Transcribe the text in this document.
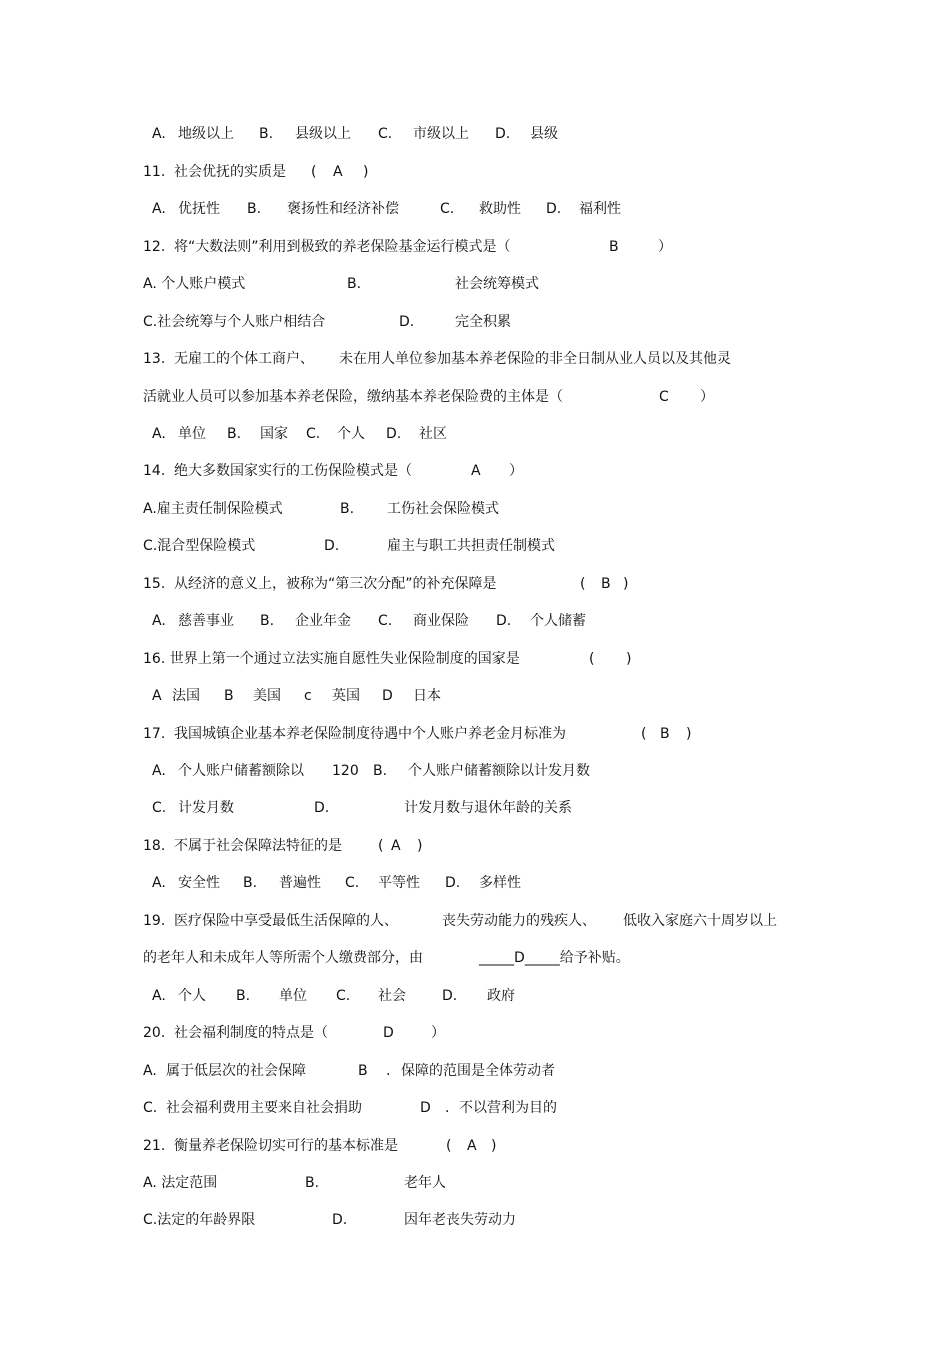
A. 地级以上 B. 县级以上 C. 市级以上 D. 县级
11. 社会优抚的实质是 ( A )
A. 优抚性 B. 褒扬性和经济补偿	C. 救助性 D. 福利性
12. 将“大数法则”利用到极致的养老保险基金运行模式是（	B	）
A. 个人账户模式	B.	社会统筹模式
C.社会统筹与个人账户相结合	D.	完全积累
13. 无雇工的个体工商户、 未在用人单位参加基本养老保险的非全日制从业人员以及其他灵
活就业人员可以参加基本养老保险，缴纳基本养老保险费的主体是（	C ）
A. 单位 B. 国家 C. 个人 D. 社区
14. 绝大多数国家实行的工伤保险模式是（	A ）
A.雇主责任制保险模式	B. 工伤社会保险模式
C.混合型保险模式	D.	雇主与职工共担责任制模式
15. 从经济的意义上，被称为“第三次分配”的补充保障是	( B )
A. 慈善事业 B. 企业年金 C. 商业保险 D. 个人储蓄
16. 世界上第一个通过立法实施自愿性失业保险制度的国家是	( )
A 法国 B 美国 c 英国 D 日本
17. 我国城镇企业基本养老保险制度待遇中个人账户养老金月标准为	( B )
A. 个人账户储蓄额除以 120 B. 个人账户储蓄额除以计发月数
C. 计发月数	D.	计发月数与退休年龄的关系
18. 不属于社会保障法特征的是	( A )
A. 安全性 B. 普遍性 C. 平等性 D. 多样性
19. 医疗保险中享受最低生活保障的人、	丧失劳动能力的残疾人、 低收入家庭六十周岁以上
的老年人和未成年人等所需个人缴费部分，由	_____D_____给予补贴。
A. 个人 B. 单位 C. 社会	D. 政府
20. 社会福利制度的特点是（	D	）
A. 属于低层次的社会保障	B . 保障的范围是全体劳动者
C. 社会福利费用主要来自社会捐助	D . 不以营利为目的
21. 衡量养老保险切实可行的基本标准是	( A )
A. 法定范围	B.	老年人
C.法定的年龄界限	D.	因年老丧失劳动力
